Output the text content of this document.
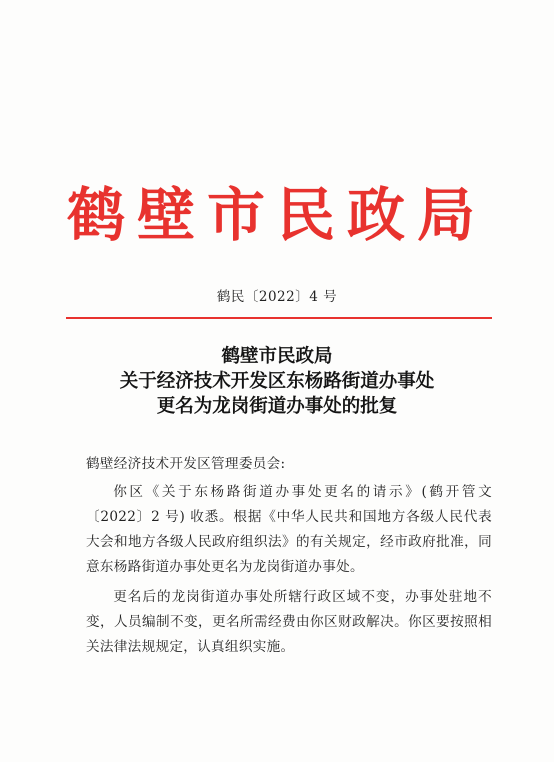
鹤壁市民政局
鹤民〔2022〕4 号
鹤壁市民政局
关于经济技术开发区东杨路街道办事处
更名为龙岗街道办事处的批复

鹤壁经济技术开发区管理委员会:

你区《关于东杨路街道办事处更名的请示》(鹤开管文〔2022〕2 号) 收悉。根据《中华人民共和国地方各级人民代表大会和地方各级人民政府组织法》的有关规定，经市政府批准，同意东杨路街道办事处更名为龙岗街道办事处。

更名后的龙岗街道办事处所辖行政区域不变，办事处驻地不变，人员编制不变，更名所需经费由你区财政解决。你区要按照相关法律法规规定，认真组织实施。
